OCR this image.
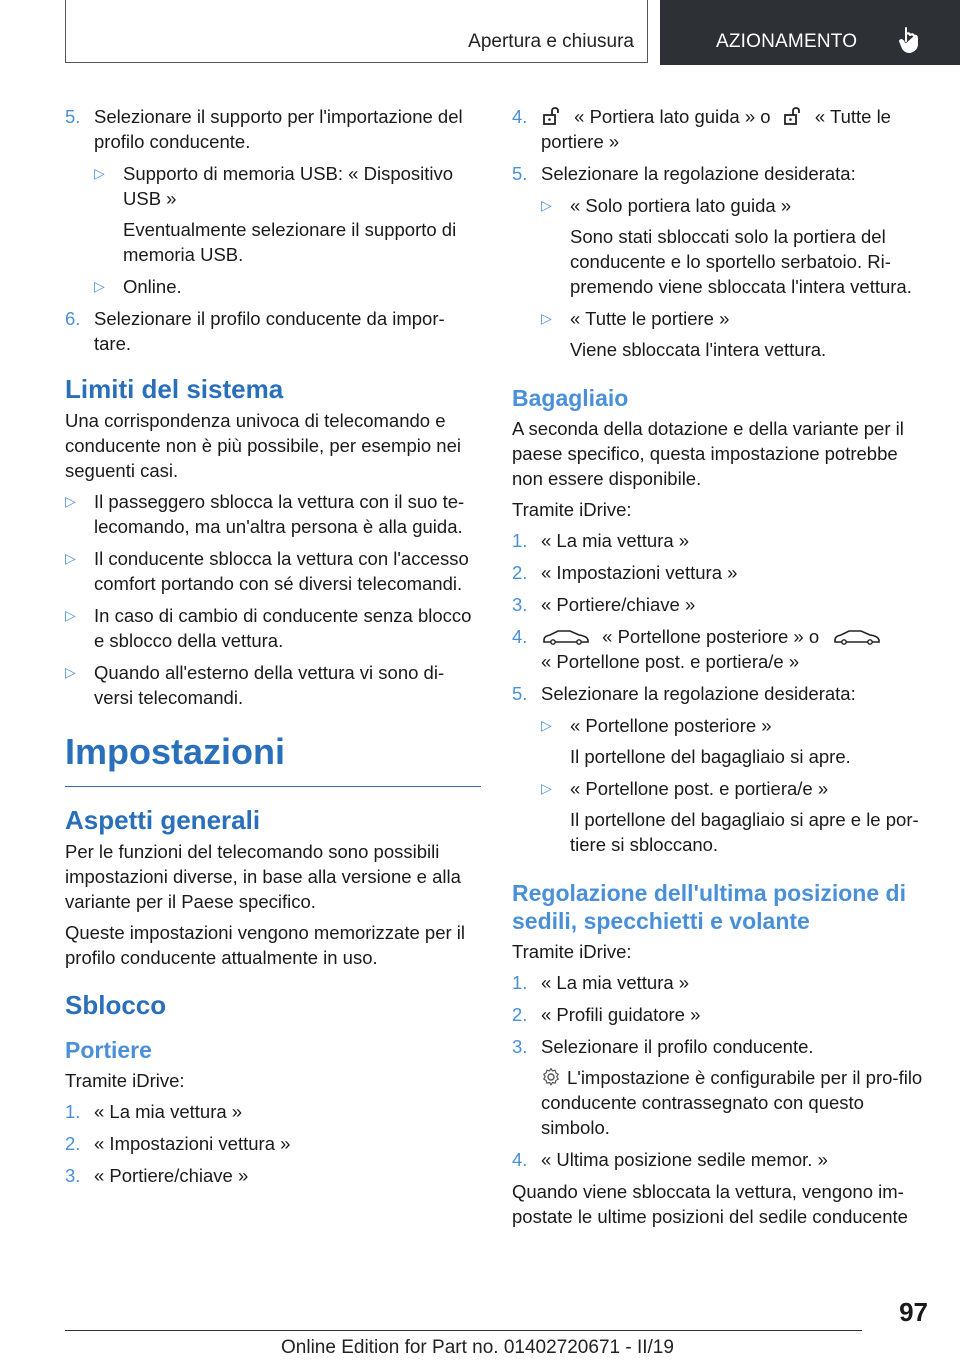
Apertura e chiusura	AZIONAMENTO
5. Selezionare il supporto per l'importazione del profilo conducente.
▷ Supporto di memoria USB: « Dispositivo USB »
Eventualmente selezionare il supporto di memoria USB.
▷ Online.
6. Selezionare il profilo conducente da impor-tare.
Limiti del sistema
Una corrispondenza univoca di telecomando e conducente non è più possibile, per esempio nei seguenti casi.
▷ Il passeggero sblocca la vettura con il suo te-lecomando, ma un'altra persona è alla guida.
▷ Il conducente sblocca la vettura con l'accesso comfort portando con sé diversi telecomandi.
▷ In caso di cambio di conducente senza blocco e sblocco della vettura.
▷ Quando all'esterno della vettura vi sono di-versi telecomandi.
Impostazioni
Aspetti generali
Per le funzioni del telecomando sono possibili impostazioni diverse, in base alla versione e alla variante per il Paese specifico.
Queste impostazioni vengono memorizzate per il profilo conducente attualmente in uso.
Sblocco
Portiere
Tramite iDrive:
1. « La mia vettura »
2. « Impostazioni vettura »
3. « Portiere/chiave »
4.	« Portiera lato guida » o « Tutte le portiere »
5. Selezionare la regolazione desiderata:
▷ « Solo portiera lato guida »
Sono stati sbloccati solo la portiera del conducente e lo sportello serbatoio. Ri-premendo viene sbloccata l'intera vettura.
▷ « Tutte le portiere »
Viene sbloccata l'intera vettura.
Bagagliaio
A seconda della dotazione e della variante per il paese specifico, questa impostazione potrebbe non essere disponibile.
Tramite iDrive:
1. « La mia vettura »
2. « Impostazioni vettura »
3. « Portiere/chiave »
4.	« Portellone posteriore » o
« Portellone post. e portiera/e »
5. Selezionare la regolazione desiderata:
▷ « Portellone posteriore »
Il portellone del bagagliaio si apre.
▷ « Portellone post. e portiera/e »
Il portellone del bagagliaio si apre e le por-tiere si sbloccano.
Regolazione dell'ultima posizione di sedili, specchietti e volante
Tramite iDrive:
1. « La mia vettura »
2. « Profili guidatore »
3. Selezionare il profilo conducente.
L'impostazione è configurabile per il pro-filo conducente contrassegnato con questo simbolo.
4. « Ultima posizione sedile memor. »
Quando viene sbloccata la vettura, vengono im-postate le ultime posizioni del sedile conducente
97
Online Edition for Part no. 01402720671 - II/19
